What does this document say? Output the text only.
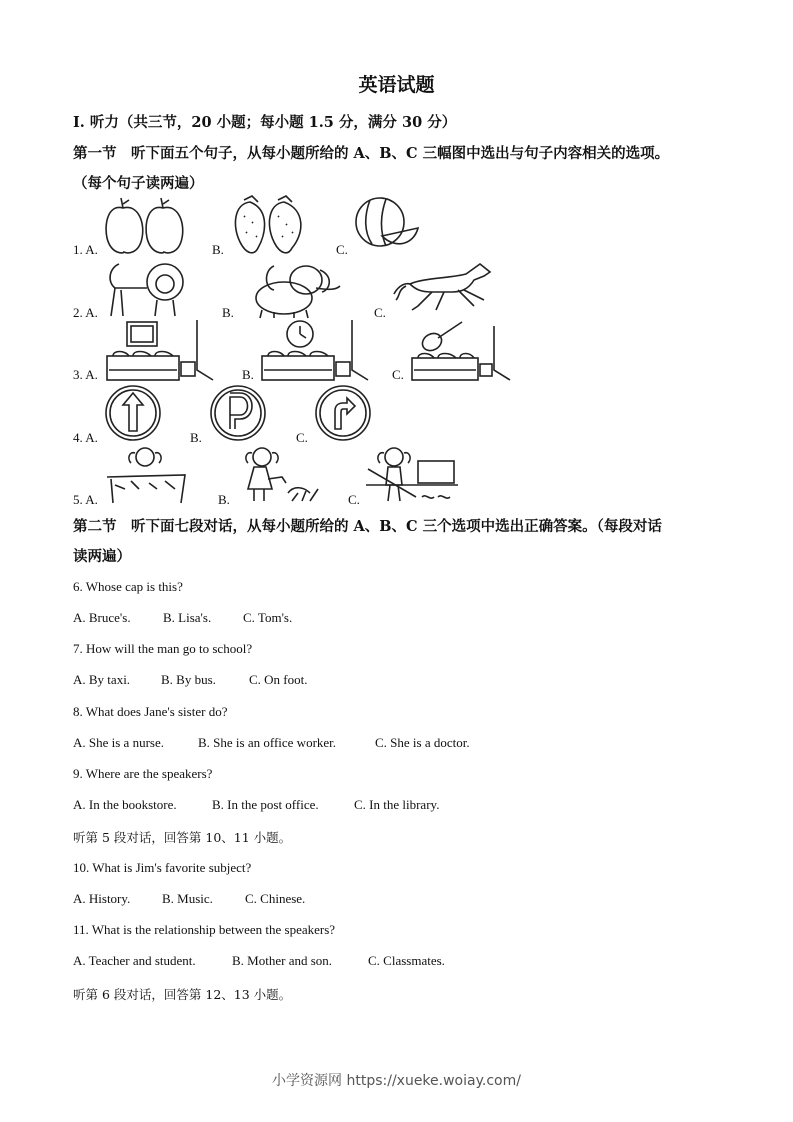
英语试题
I. 听力（共三节，20 小题；每小题 1.5 分，满分 30 分）
第一节　听下面五个句子，从每小题所给的 A、B、C 三幅图中选出与句子内容相关的选项。
（每个句子读两遍）
1. A.	B.	C.
2. A.	B.	C.
3. A.	B.	C.
4. A.	B.	C.
5. A.	B.	C.
第二节　听下面七段对话，从每小题所给的 A、B、C 三个选项中选出正确答案。（每段对话
读两遍）
6. Whose cap is this?
A. Bruce's. B. Lisa's. C. Tom's.
7. How will the man go to school?
A. By taxi. B. By bus.	C. On foot.
8. What does Jane's sister do?
A. She is a nurse.	B. She is an office worker.	C. She is a doctor.
9. Where are the speakers?
A. In the bookstore.	B. In the post office.	C. In the library.
听第 5 段对话，回答第 10、11 小题。
10. What is Jim's favorite subject?
A. History. B. Music. C. Chinese.
11. What is the relationship between the speakers?
A. Teacher and student.	B. Mother and son.	C. Classmates.
听第 6 段对话，回答第 12、13 小题。
小学资源网 https://xueke.woiay.com/
